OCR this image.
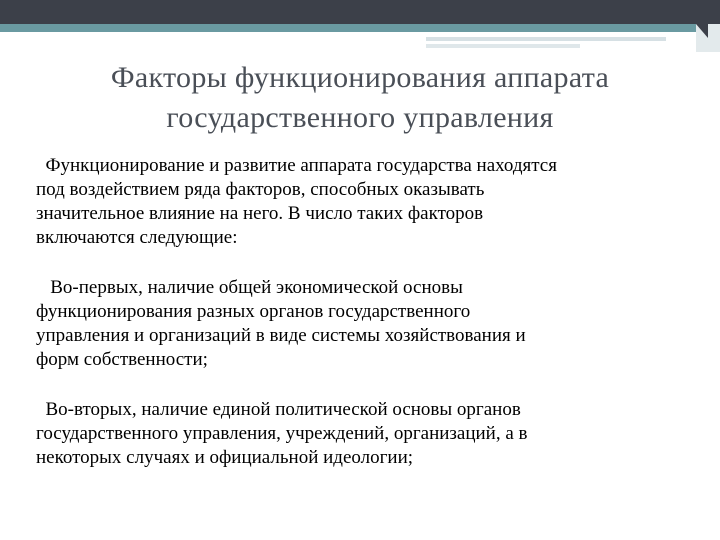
Факторы функционирования аппарата
государственного управления

Функционирование и развитие аппарата государства находятся
под воздействием ряда факторов, способных оказывать
значительное влияние на него. В число таких факторов
включаются следующие:

Во-первых, наличие общей экономической основы
функционирования разных органов государственного
управления и организаций в виде системы хозяйствования и
форм собственности;

Во-вторых, наличие единой политической основы органов
государственного управления, учреждений, организаций, а в
некоторых случаях и официальной идеологии;
